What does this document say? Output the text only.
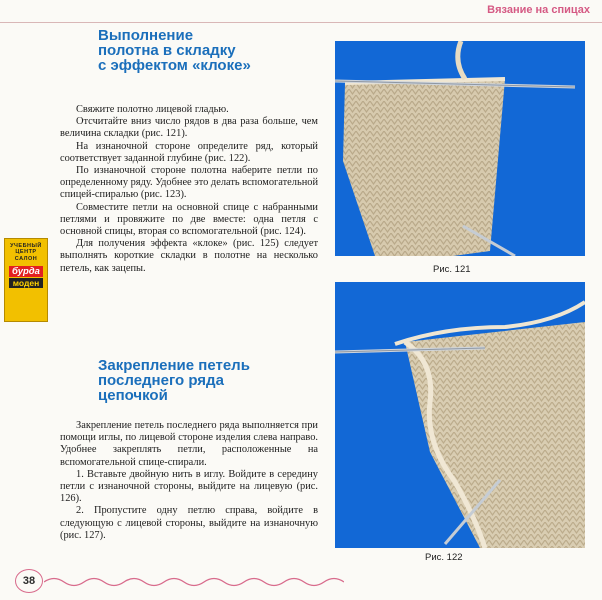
Вязание на спицах
Выполнение
полотна в складку
с эффектом «клоке»

Свяжите полотно лицевой гладью.

Отсчитайте вниз число рядов в два раза больше, чем величина складки (рис. 121).

На изнаночной стороне определите ряд, который соответствует заданной глубине (рис. 122).

По изнаночной стороне полотна наберите петли по определенному ряду. Удобнее это делать вспомогательной спицей-спиралью (рис. 123).

Совместите петли на основной спице с набранными петлями и провяжите по две вместе: одна петля с основной спицы, вторая со вспомогательной (рис. 124).

Для получения эффекта «клоке» (рис. 125) следует выполнять короткие складки в полотне на несколько петель, как зацепы.

Закрепление петель
последнего ряда
цепочкой

Закрепление петель последнего ряда выполняется при помощи иглы, по лицевой стороне изделия слева направо. Удобнее закреплять петли, расположенные на вспомогательной спице-спирали.

1. Вставьте двойную нить в иглу. Войдите в середину петли с изнаночной стороны, выйдите на лицевую (рис. 126).

2. Пропустите одну петлю справа, войдите в следующую с лицевой стороны, выйдите на изнаночную (рис. 127).

УЧЕБНЫЙ
ЦЕНТР
САЛОН
бурда
моден
Рис. 121
Рис. 122
38
